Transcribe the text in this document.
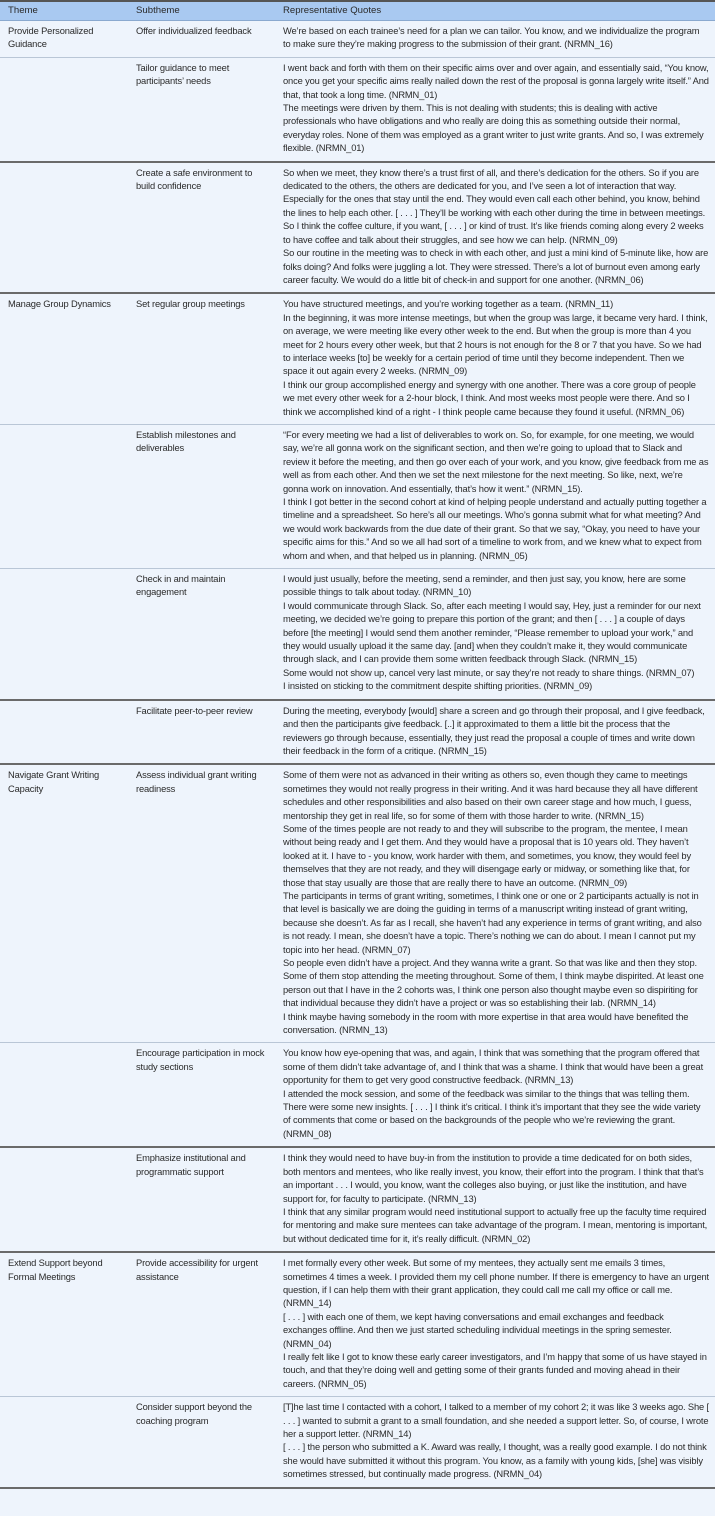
Theme	Subtheme	Representative Quotes
Provide Personalized Guidance	Offer individualized feedback	We’re based on each trainee’s need for a plan we can tailor. You know, and we individualize the program to make sure they’re making progress to the submission of their grant. (NRMN_16)

	Tailor guidance to meet participants’ needs	I went back and forth with them on their specific aims over and over again, and essentially said, “You know, once you get your specific aims really nailed down the rest of the proposal is gonna largely write itself.” And that, that took a long time. (NRMN_01)

The meetings were driven by them. This is not dealing with students; this is dealing with active professionals who have obligations and who really are doing this as something outside their normal, everyday roles. None of them was employed as a grant writer to just write grants. And so, I was extremely flexible. (NRMN_01)

	Create a safe environment to build confidence	So when we meet, they know there’s a trust first of all, and there’s dedication for the others. So if you are dedicated to the others, the others are dedicated for you, and I’ve seen a lot of interaction that way. Especially for the ones that stay until the end. They would even call each other behind, you know, behind the lines to help each other. [ . . . ] They’ll be working with each other during the time in between meetings. So I think the coffee culture, if you want, [ . . . ] or kind of trust. It’s like friends coming along every 2 weeks to have coffee and talk about their struggles, and see how we can help. (NRMN_09)

So our routine in the meeting was to check in with each other, and just a mini kind of 5-minute like, how are folks doing? And folks were juggling a lot. They were stressed. There’s a lot of burnout even among early career faculty. We would do a little bit of check-in and support for one another. (NRMN_06)

Manage Group Dynamics	Set regular group meetings	You have structured meetings, and you’re working together as a team. (NRMN_11)

In the beginning, it was more intense meetings, but when the group was large, it became very hard. I think, on average, we were meeting like every other week to the end. But when the group is more than 4 you meet for 2 hours every other week, but that 2 hours is not enough for the 8 or 7 that you have. So we had to interlace weeks [to] be weekly for a certain period of time until they become independent. Then we space it out again every 2 weeks. (NRMN_09)

I think our group accomplished energy and synergy with one another. There was a core group of people we met every other week for a 2-hour block, I think. And most weeks most people were there. And so I think we accomplished kind of a right - I think people came because they found it useful. (NRMN_06)

	Establish milestones and deliverables	“For every meeting we had a list of deliverables to work on. So, for example, for one meeting, we would say, we’re all gonna work on the significant section, and then we’re going to upload that to Slack and review it before the meeting, and then go over each of your work, and you know, give feedback from me as well as from each other. And then we set the next milestone for the next meeting. So like, next, we’re gonna work on innovation. And essentially, that’s how it went.” (NRMN_15).

I think I got better in the second cohort at kind of helping people understand and actually putting together a timeline and a spreadsheet. So here’s all our meetings. Who’s gonna submit what for what meeting? And we would work backwards from the due date of their grant. So that we say, “Okay, you need to have your specific aims for this.” And so we all had sort of a timeline to work from, and we knew what to expect from whom and when, and that helped us in planning. (NRMN_05)

	Check in and maintain engagement	I would just usually, before the meeting, send a reminder, and then just say, you know, here are some possible things to talk about today. (NRMN_10)

I would communicate through Slack. So, after each meeting I would say, Hey, just a reminder for our next meeting, we decided we’re going to prepare this portion of the grant; and then [ . . . ] a couple of days before [the meeting] I would send them another reminder, “Please remember to upload your work,” and they would usually upload it the same day. [and] when they couldn’t make it, they would communicate through slack, and I can provide them some written feedback through Slack. (NRMN_15)

Some would not show up, cancel very last minute, or say they’re not ready to share things. (NRMN_07)

I insisted on sticking to the commitment despite shifting priorities. (NRMN_09)

	Facilitate peer-to-peer review	During the meeting, everybody [would] share a screen and go through their proposal, and I give feedback, and then the participants give feedback. [..] it approximated to them a little bit the process that the reviewers go through because, essentially, they just read the proposal a couple of times and write down their feedback in the form of a critique. (NRMN_15)

Navigate Grant Writing Capacity	Assess individual grant writing readiness	Some of them were not as advanced in their writing as others so, even though they came to meetings sometimes they would not really progress in their writing. And it was hard because they all have different schedules and other responsibilities and also based on their own career stage and how much, I guess, mentorship they get in real life, so for some of them with those harder to write. (NRMN_15)

Some of the times people are not ready to and they will subscribe to the program, the mentee, I mean without being ready and I get them. And they would have a proposal that is 10 years old. They haven’t looked at it. I have to - you know, work harder with them, and sometimes, you know, they would feel by themselves that they are not ready, and they will disengage early or midway, or something like that, for those that stay usually are those that are really there to have an outcome. (NRMN_09)

The participants in terms of grant writing, sometimes, I think one or one or 2 participants actually is not in that level is basically we are doing the guiding in terms of a manuscript writing instead of grant writing, because she doesn’t. As far as I recall, she haven’t had any experience in terms of grant writing, and also is not ready. I mean, she doesn’t have a topic. There’s nothing we can do about. I mean I cannot put my topic into her head. (NRMN_07)

So people even didn’t have a project. And they wanna write a grant. So that was like and then they stop. Some of them stop attending the meeting throughout. Some of them, I think maybe dispirited. At least one person out that I have in the 2 cohorts was, I think one person also thought maybe even so dispiriting for that individual because they didn’t have a project or was so establishing their lab. (NRMN_14)

I think maybe having somebody in the room with more expertise in that area would have benefited the conversation. (NRMN_13)

	Encourage participation in mock study sections	You know how eye-opening that was, and again, I think that was something that the program offered that some of them didn’t take advantage of, and I think that was a shame. I think that would have been a great opportunity for them to get very good constructive feedback. (NRMN_13)

I attended the mock session, and some of the feedback was similar to the things that was telling them. There were some new insights. [ . . . ] I think it’s critical. I think it’s important that they see the wide variety of comments that come or based on the backgrounds of the people who we’re reviewing the grant. (NRMN_08)

	Emphasize institutional and programmatic support	I think they would need to have buy-in from the institution to provide a time dedicated for on both sides, both mentors and mentees, who like really invest, you know, their effort into the program. I think that that’s an important . . . I would, you know, want the colleges also buying, or just like the institution, and have support for, for faculty to participate. (NRMN_13)

I think that any similar program would need institutional support to actually free up the faculty time required for mentoring and make sure mentees can take advantage of the program. I mean, mentoring is important, but without dedicated time for it, it’s really difficult. (NRMN_02)

Extend Support beyond Formal Meetings	Provide accessibility for urgent assistance	I met formally every other week. But some of my mentees, they actually sent me emails 3 times, sometimes 4 times a week. I provided them my cell phone number. If there is emergency to have an urgent question, if I can help them with their grant application, they could call me call my office or call me. (NRMN_14)

[ . . . ] with each one of them, we kept having conversations and email exchanges and feedback exchanges offline. And then we just started scheduling individual meetings in the spring semester. (NRMN_04)

I really felt like I got to know these early career investigators, and I’m happy that some of us have stayed in touch, and that they’re doing well and getting some of their grants funded and moving ahead in their careers. (NRMN_05)

	Consider support beyond the coaching program	[T]he last time I contacted with a cohort, I talked to a member of my cohort 2; it was like 3 weeks ago. She [ . . . ] wanted to submit a grant to a small foundation, and she needed a support letter. So, of course, I wrote her a support letter. (NRMN_14)

[ . . . ] the person who submitted a K. Award was really, I thought, was a really good example. I do not think she would have submitted it without this program. You know, as a family with young kids, [she] was visibly sometimes stressed, but continually made progress. (NRMN_04)
